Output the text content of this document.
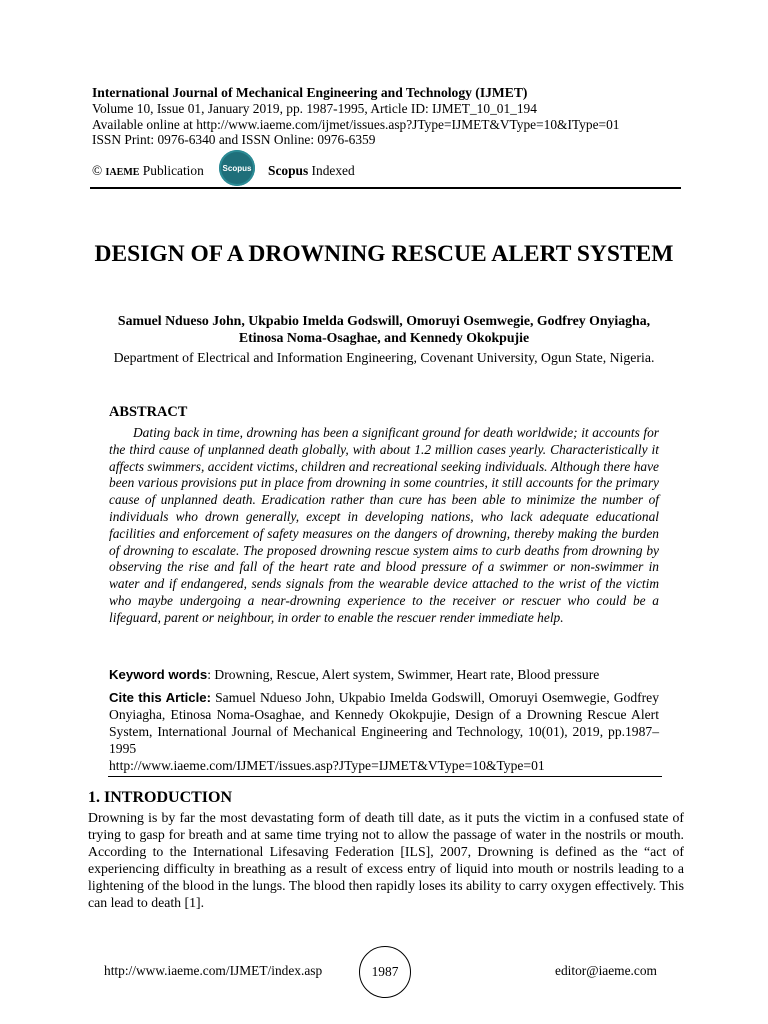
International Journal of Mechanical Engineering and Technology (IJMET)
Volume 10, Issue 01, January 2019, pp. 1987-1995, Article ID: IJMET_10_01_194
Available online at http://www.iaeme.com/ijmet/issues.asp?JType=IJMET&VType=10&IType=01
ISSN Print: 0976-6340 and ISSN Online: 0976-6359
© IAEME Publication Scopus Scopus Indexed
DESIGN OF A DROWNING RESCUE ALERT SYSTEM
Samuel Ndueso John, Ukpabio Imelda Godswill, Omoruyi Osemwegie, Godfrey Onyiagha, Etinosa Noma-Osaghae, and Kennedy Okokpujie
Department of Electrical and Information Engineering, Covenant University, Ogun State, Nigeria.
ABSTRACT
Dating back in time, drowning has been a significant ground for death worldwide; it accounts for the third cause of unplanned death globally, with about 1.2 million cases yearly. Characteristically it affects swimmers, accident victims, children and recreational seeking individuals. Although there have been various provisions put in place from drowning in some countries, it still accounts for the primary cause of unplanned death. Eradication rather than cure has been able to minimize the number of individuals who drown generally, except in developing nations, who lack adequate educational facilities and enforcement of safety measures on the dangers of drowning, thereby making the burden of drowning to escalate. The proposed drowning rescue system aims to curb deaths from drowning by observing the rise and fall of the heart rate and blood pressure of a swimmer or non-swimmer in water and if endangered, sends signals from the wearable device attached to the wrist of the victim who maybe undergoing a near-drowning experience to the receiver or rescuer who could be a lifeguard, parent or neighbour, in order to enable the rescuer render immediate help.
Keyword words: Drowning, Rescue, Alert system, Swimmer, Heart rate, Blood pressure
Cite this Article: Samuel Ndueso John, Ukpabio Imelda Godswill, Omoruyi Osemwegie, Godfrey Onyiagha, Etinosa Noma-Osaghae, and Kennedy Okokpujie, Design of a Drowning Rescue Alert System, International Journal of Mechanical Engineering and Technology, 10(01), 2019, pp.1987–1995
http://www.iaeme.com/IJMET/issues.asp?JType=IJMET&VType=10&Type=01
1. INTRODUCTION
Drowning is by far the most devastating form of death till date, as it puts the victim in a confused state of trying to gasp for breath and at same time trying not to allow the passage of water in the nostrils or mouth. According to the International Lifesaving Federation [ILS], 2007, Drowning is defined as the “act of experiencing difficulty in breathing as a result of excess entry of liquid into mouth or nostrils leading to a lightening of the blood in the lungs. The blood then rapidly loses its ability to carry oxygen effectively. This can lead to death [1].
http://www.iaeme.com/IJMET/index.asp	1987	editor@iaeme.com
